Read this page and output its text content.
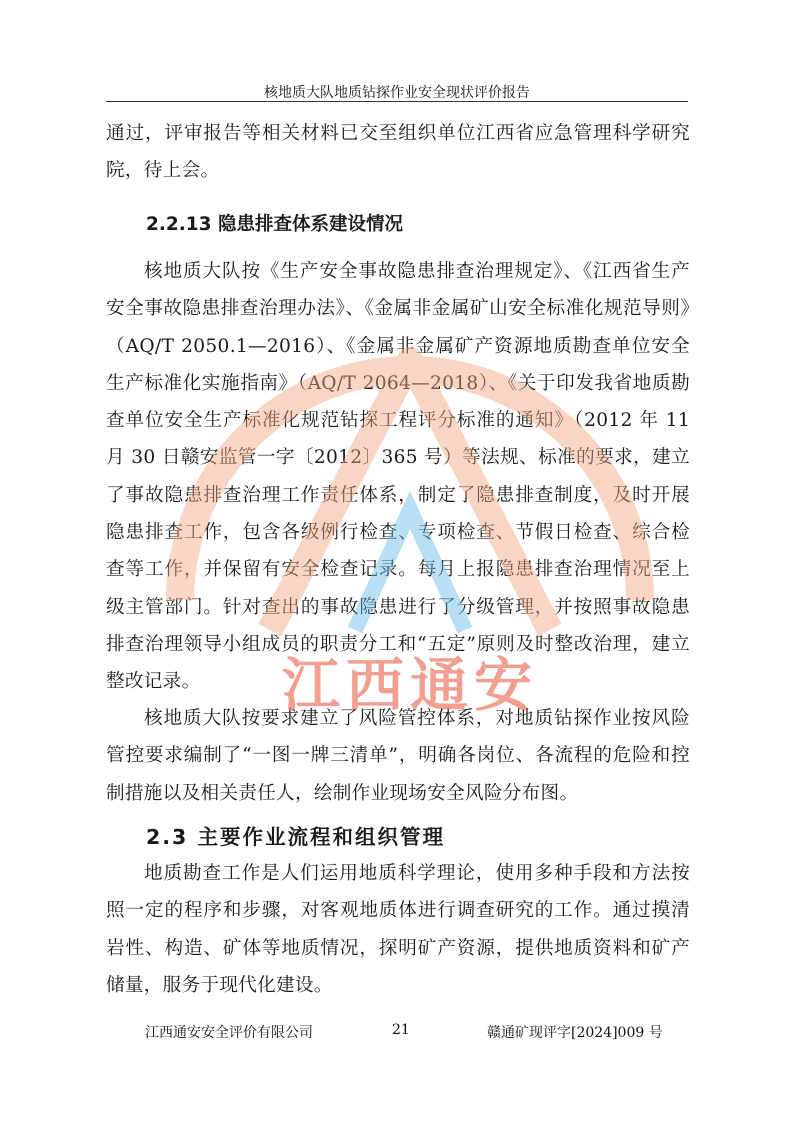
核地质大队地质钻探作业安全现状评价报告

通过，评审报告等相关材料已交至组织单位江西省应急管理科学研究院，待上会。

2.2.13 隐患排查体系建设情况

核地质大队按《生产安全事故隐患排查治理规定》、《江西省生产安全事故隐患排查治理办法》、《金属非金属矿山安全标准化规范导则》（AQ/T 2050.1—2016）、《金属非金属矿产资源地质勘查单位安全生产标准化实施指南》（AQ/T 2064—2018）、《关于印发我省地质勘查单位安全生产标准化规范钻探工程评分标准的通知》（2012 年 11 月 30 日赣安监管一字〔2012〕365 号）等法规、标准的要求，建立了事故隐患排查治理工作责任体系，制定了隐患排查制度，及时开展隐患排查工作，包含各级例行检查、专项检查、节假日检查、综合检查等工作，并保留有安全检查记录。每月上报隐患排查治理情况至上级主管部门。针对查出的事故隐患进行了分级管理，并按照事故隐患排查治理领导小组成员的职责分工和“五定”原则及时整改治理，建立整改记录。

核地质大队按要求建立了风险管控体系，对地质钻探作业按风险管控要求编制了“一图一牌三清单”，明确各岗位、各流程的危险和控制措施以及相关责任人，绘制作业现场安全风险分布图。

2.3 主要作业流程和组织管理

地质勘查工作是人们运用地质科学理论，使用多种手段和方法按照一定的程序和步骤，对客观地质体进行调查研究的工作。通过摸清岩性、构造、矿体等地质情况，探明矿产资源，提供地质资料和矿产储量，服务于现代化建设。

江西通安
江西通安安全评价有限公司	21	赣通矿现评字[2024]009 号
